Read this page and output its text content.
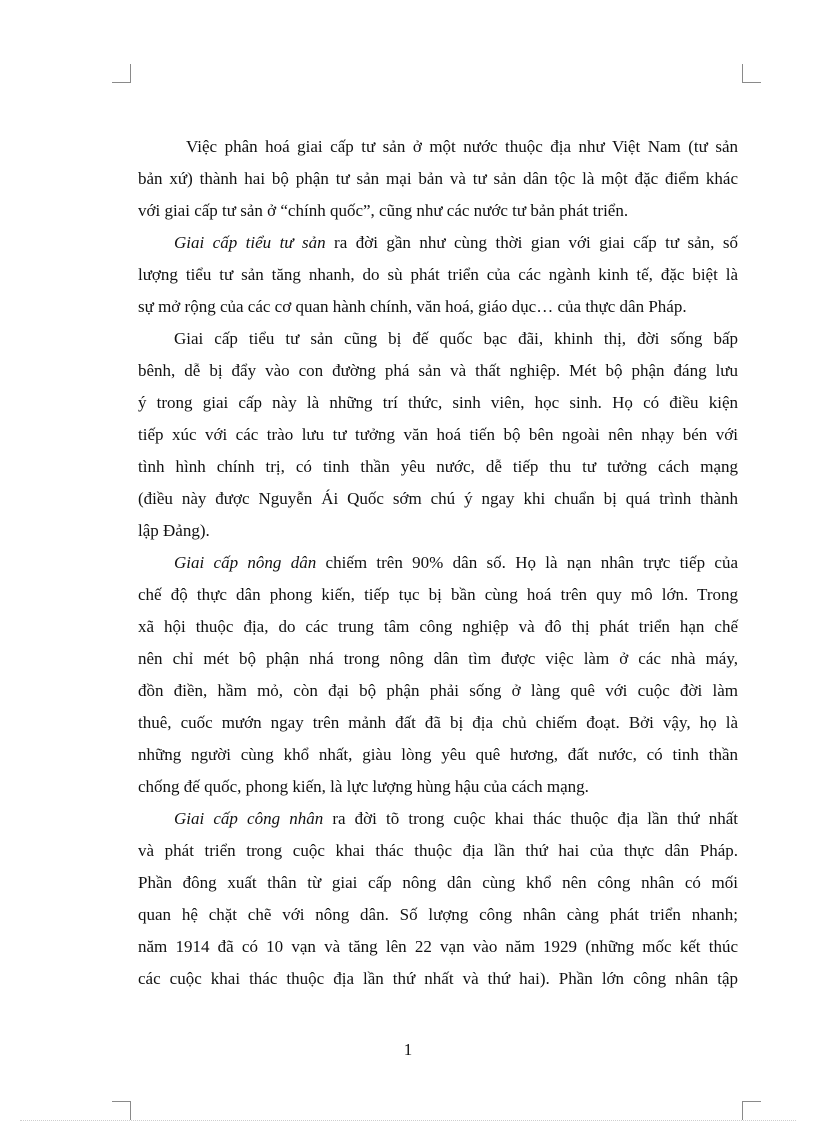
Việc phân hoá giai cấp tư sản ở một nước thuộc địa như Việt Nam (tư sản
bản xứ) thành hai bộ phận tư sản mại bản và tư sản dân tộc là một đặc điểm khác
với giai cấp tư sản ở “chính quốc”, cũng như các nước tư bản phát triển.
Giai cấp tiểu tư sản ra đời gần như cùng thời gian với giai cấp tư sản, số
lượng tiểu tư sản tăng nhanh, do sù phát triển của các ngành kinh tế, đặc biệt là
sự mở rộng của các cơ quan hành chính, văn hoá, giáo dục… của thực dân Pháp.
Giai cấp tiểu tư sản cũng bị đế quốc bạc đãi, khinh thị, đời sống bấp
bênh, dễ bị đẩy vào con đường phá sản và thất nghiệp. Mét bộ phận đáng lưu
ý trong giai cấp này là những trí thức, sinh viên, học sinh. Họ có điều kiện
tiếp xúc với các trào lưu tư tưởng văn hoá tiến bộ bên ngoài nên nhạy bén với
tình hình chính trị, có tinh thần yêu nước, dễ tiếp thu tư tưởng cách mạng
(điều này được Nguyễn Ái Quốc sớm chú ý ngay khi chuẩn bị quá trình thành
lập Đảng).
Giai cấp nông dân chiếm trên 90% dân số. Họ là nạn nhân trực tiếp của
chế độ thực dân phong kiến, tiếp tục bị bần cùng hoá trên quy mô lớn. Trong
xã hội thuộc địa, do các trung tâm công nghiệp và đô thị phát triển hạn chế
nên chỉ mét bộ phận nhá trong nông dân tìm được việc làm ở các nhà máy,
đồn điền, hầm mỏ, còn đại bộ phận phải sống ở làng quê với cuộc đời làm
thuê, cuốc mướn ngay trên mảnh đất đã bị địa chủ chiếm đoạt. Bởi vậy, họ là
những người cùng khổ nhất, giàu lòng yêu quê hương, đất nước, có tinh thần
chống đế quốc, phong kiến, là lực lượng hùng hậu của cách mạng.
Giai cấp công nhân ra đời tõ trong cuộc khai thác thuộc địa lần thứ nhất
và phát triển trong cuộc khai thác thuộc địa lần thứ hai của thực dân Pháp.
Phần đông xuất thân từ giai cấp nông dân cùng khổ nên công nhân có mối
quan hệ chặt chẽ với nông dân. Số lượng công nhân càng phát triển nhanh;
năm 1914 đã có 10 vạn và tăng lên 22 vạn vào năm 1929 (những mốc kết thúc
các cuộc khai thác thuộc địa lần thứ nhất và thứ hai). Phần lớn công nhân tập
1
